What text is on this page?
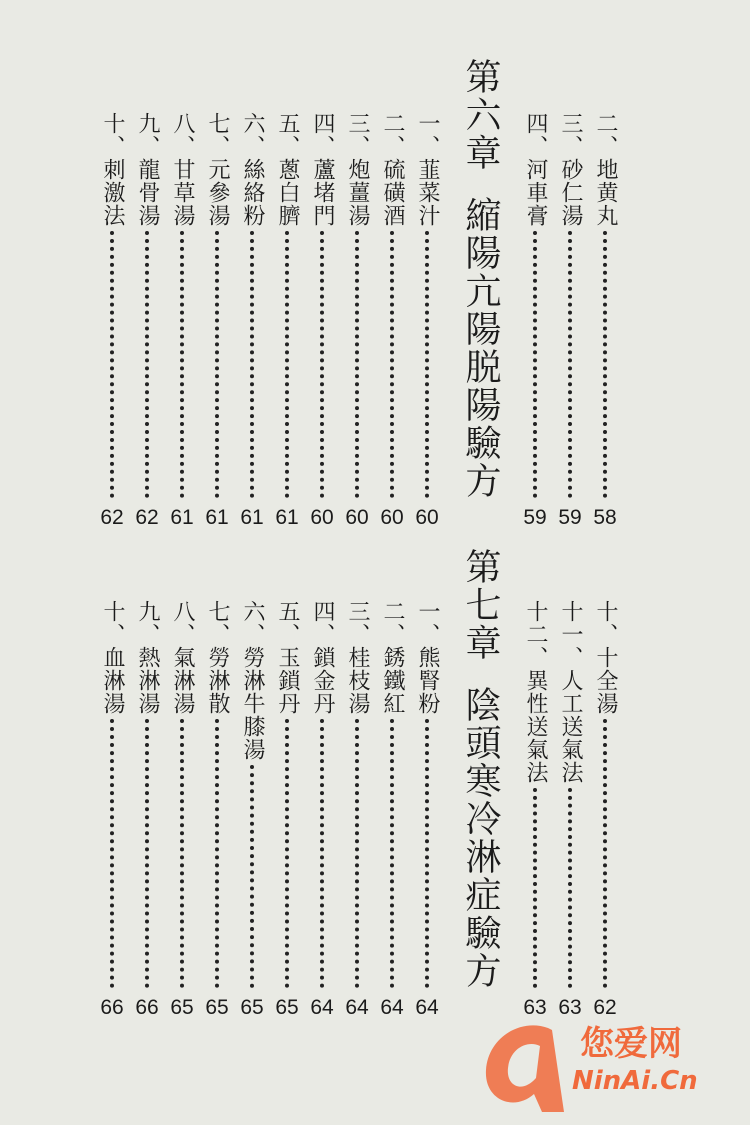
二、地黄丸
58
三、砂仁湯
59
四、河車膏
59
第六章縮陽亢陽脱陽驗方
一、韮菜汁
60
二、硫磺酒
60
三、炮薑湯
60
四、蘆堵門
60
五、蔥白臍
61
六、絲絡粉
61
七、元參湯
61
八、甘草湯
61
九、龍骨湯
62
十、刺激法
62
十、十全湯
62
十一、人工送氣法
63
十二、異性送氣法
63
第七章陰頭寒冷淋症驗方
一、熊腎粉
64
二、銹鐵紅
64
三、桂枝湯
64
四、鎖金丹
64
五、玉鎖丹
65
六、勞淋牛膝湯
65
七、勞淋散
65
八、氣淋湯
65
九、熱淋湯
66
十、血淋湯
66
您爱网
NinAi.Cn
